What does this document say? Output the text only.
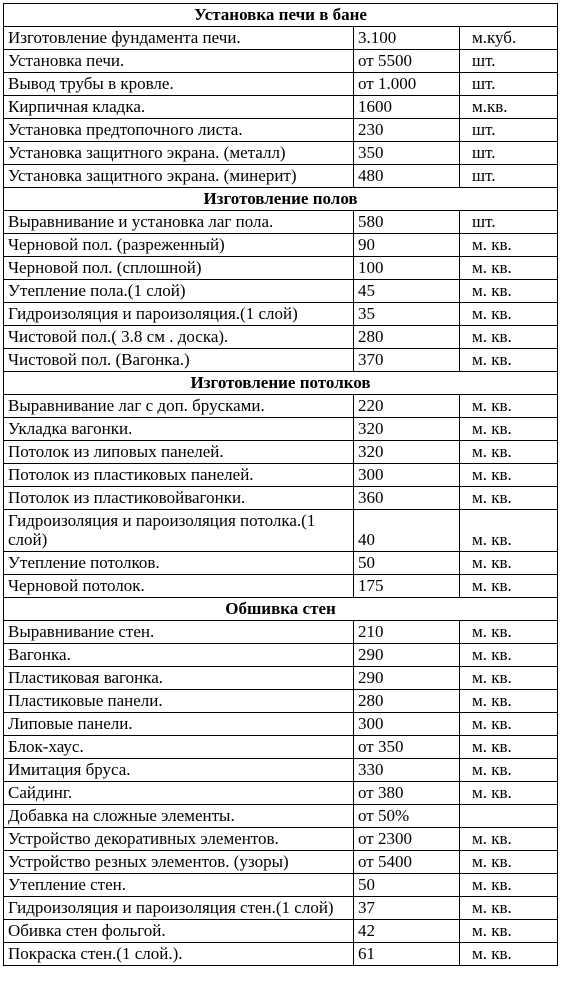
Установка печи в бане		
Изготовление фундамента печи.	3.100	м.куб.
Установка печи.	от 5500	шт.
Вывод трубы в кровле.	от 1.000	шт.
Кирпичная кладка.	1600	м.кв.
Установка предтопочного листа.	230	шт.
Установка защитного экрана. (металл)	350	шт.
Установка защитного экрана. (минерит)	480	шт.
Изготовление полов		
Выравнивание и установка лаг пола.	580	шт.
Черновой пол. (разреженный)	90	м. кв.
Черновой пол. (сплошной)	100	м. кв.
Утепление пола.(1 слой)	45	м. кв.
Гидроизоляция и пароизоляция.(1 слой)	35	м. кв.
Чистовой пол.( 3.8 см . доска).	280	м. кв.
Чистовой пол. (Вагонка.)	370	м. кв.
Изготовление потолков		
Выравнивание лаг с доп. брусками.	220	м. кв.
Укладка вагонки.	320	м. кв.
Потолок из липовых панелей.	320	м. кв.
Потолок из пластиковых панелей.	300	м. кв.
Потолок из пластиковойвагонки.	360	м. кв.
Гидроизоляция и пароизоляция потолка.(1 слой)	40	м. кв.
Утепление потолков.	50	м. кв.
Черновой потолок.	175	м. кв.
Обшивка стен		
Выравнивание стен.	210	м. кв.
Вагонка.	290	м. кв.
Пластиковая вагонка.	290	м. кв.
Пластиковые панели.	280	м. кв.
Липовые панели.	300	м. кв.
Блок-хаус.	от 350	м. кв.
Имитация бруса.	330	м. кв.
Сайдинг.	от 380	м. кв.
Добавка на сложные элементы.	от 50%	
Устройство декоративных элементов.	от 2300	м. кв.
Устройство резных элементов. (узоры)	от 5400	м. кв.
Утепление стен.	50	м. кв.
Гидроизоляция и пароизоляция стен.(1 слой)	37	м. кв.
Обивка стен фольгой.	42	м. кв.
Покраска стен.(1 слой.).	61	м. кв.
